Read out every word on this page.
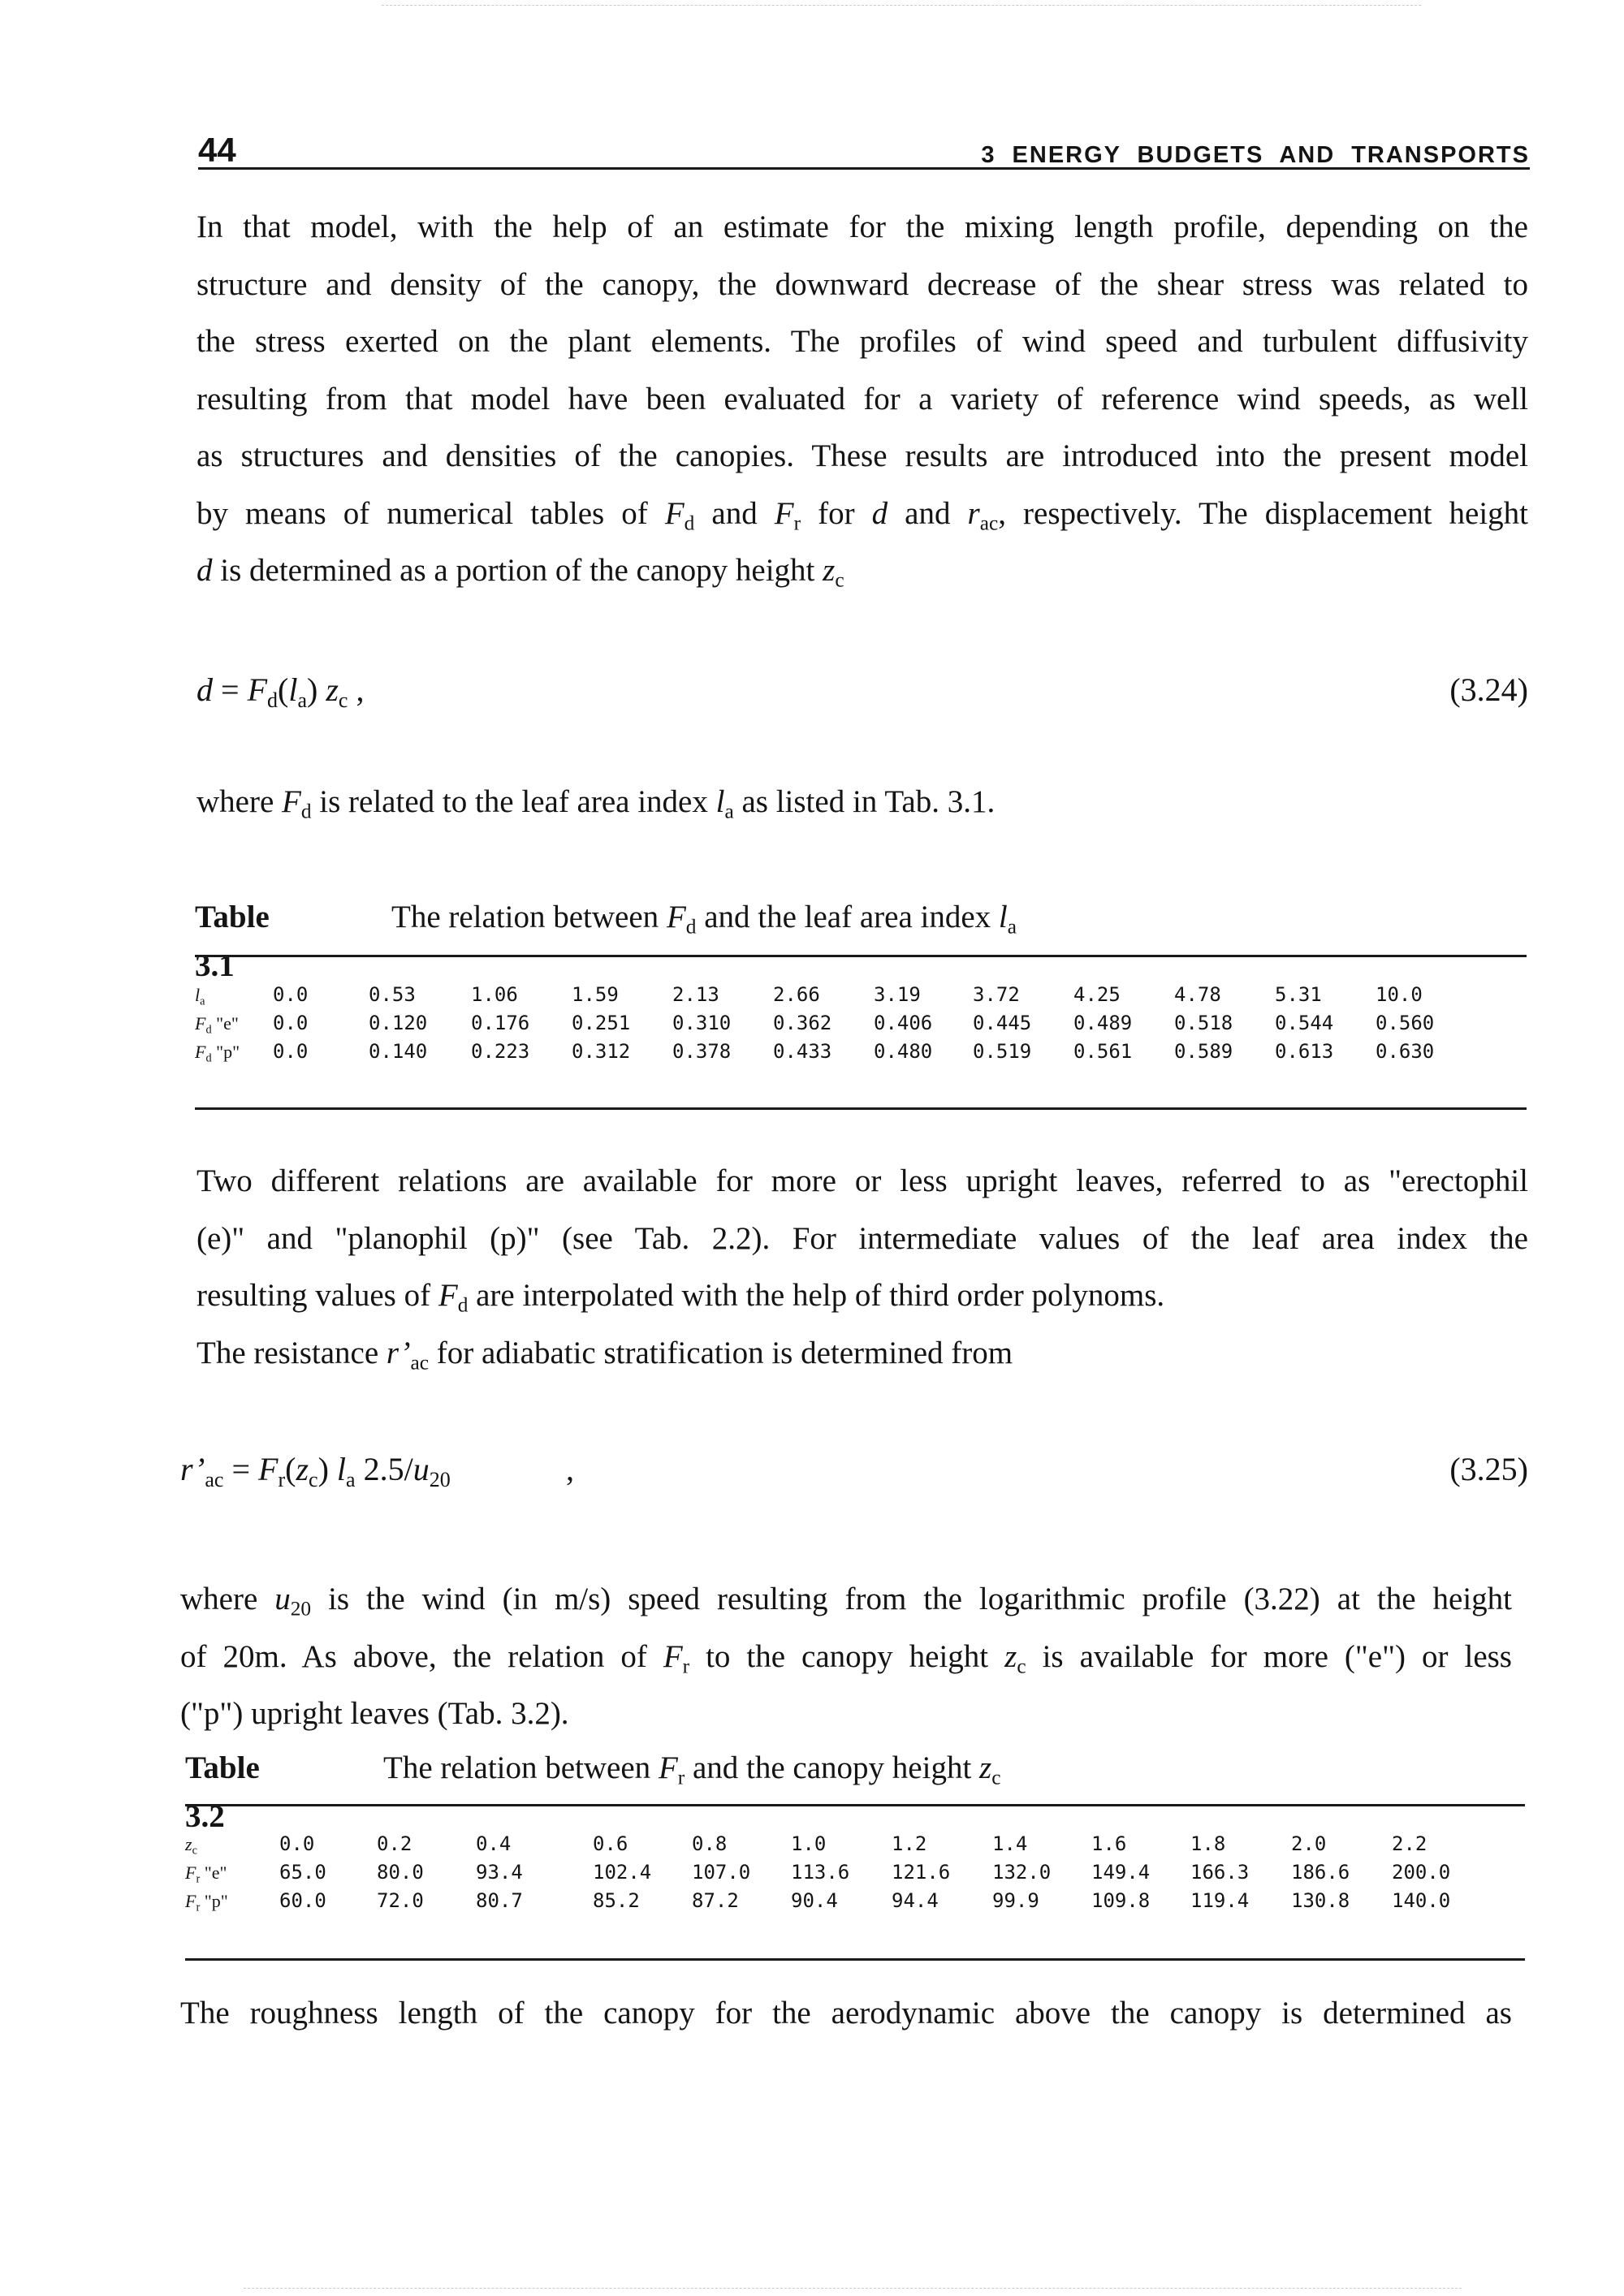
44	3 ENERGY BUDGETS AND TRANSPORTS
In that model, with the help of an estimate for the mixing length profile, depending on the
structure and density of the canopy, the downward decrease of the shear stress was related to
the stress exerted on the plant elements. The profiles of wind speed and turbulent diffusivity
resulting from that model have been evaluated for a variety of reference wind speeds, as well
as structures and densities of the canopies. These results are introduced into the present model
by means of numerical tables of $F_d$ and $F_r$ for d and $r_{ac}$, respectively. The displacement height
d is determined as a portion of the canopy height $z_c$
$d = F_d(l_a)$ $z_c$ ,	(3.24)
where $F_d$ is related to the leaf area index $l_a$ as listed in Tab. 3.1.
Table 3.1
The relation between $F_d$ and the leaf area index $l_a$
$l_a$	0.0	0.53	1.06	1.59	2.13	2.66	3.19	3.72	4.25	4.78	5.31	10.0
$F_d$ "e"	0.0	0.120	0.176	0.251	0.310	0.362	0.406	0.445	0.489	0.518	0.544	0.560
$F_d$ "p"	0.0	0.140	0.223	0.312	0.378	0.433	0.480	0.519	0.561	0.589	0.613	0.630
Two different relations are available for more or less upright leaves, referred to as "erectophil
(e)" and "planophil (p)" (see Tab. 2.2). For intermediate values of the leaf area index the
resulting values of $F_d$ are interpolated with the help of third order polynoms.
The resistance $r’_{ac}$ for adiabatic stratification is determined from
$r’_{ac} = F_r(z_c)$ $l_a$ $2.5/u_{20}$	,	(3.25)
where $u_{20}$ is the wind (in m/s) speed resulting from the logarithmic profile (3.22) at the height
of 20m. As above, the relation of $F_r$ to the canopy height $z_c$ is available for more ("e") or less
("p") upright leaves (Tab. 3.2).
Table 3.2
The relation between $F_r$ and the canopy height $z_c$
$z_c$	0.0	0.2	0.4	0.6	0.8	1.0	1.2	1.4	1.6	1.8	2.0	2.2
$F_r$ "e"	65.0	80.0	93.4	102.4	107.0	113.6	121.6	132.0	149.4	166.3	186.6	200.0
$F_r$ "p"	60.0	72.0	80.7	85.2	87.2	90.4	94.4	99.9	109.8	119.4	130.8	140.0
The roughness length of the canopy for the aerodynamic above the canopy is determined as
